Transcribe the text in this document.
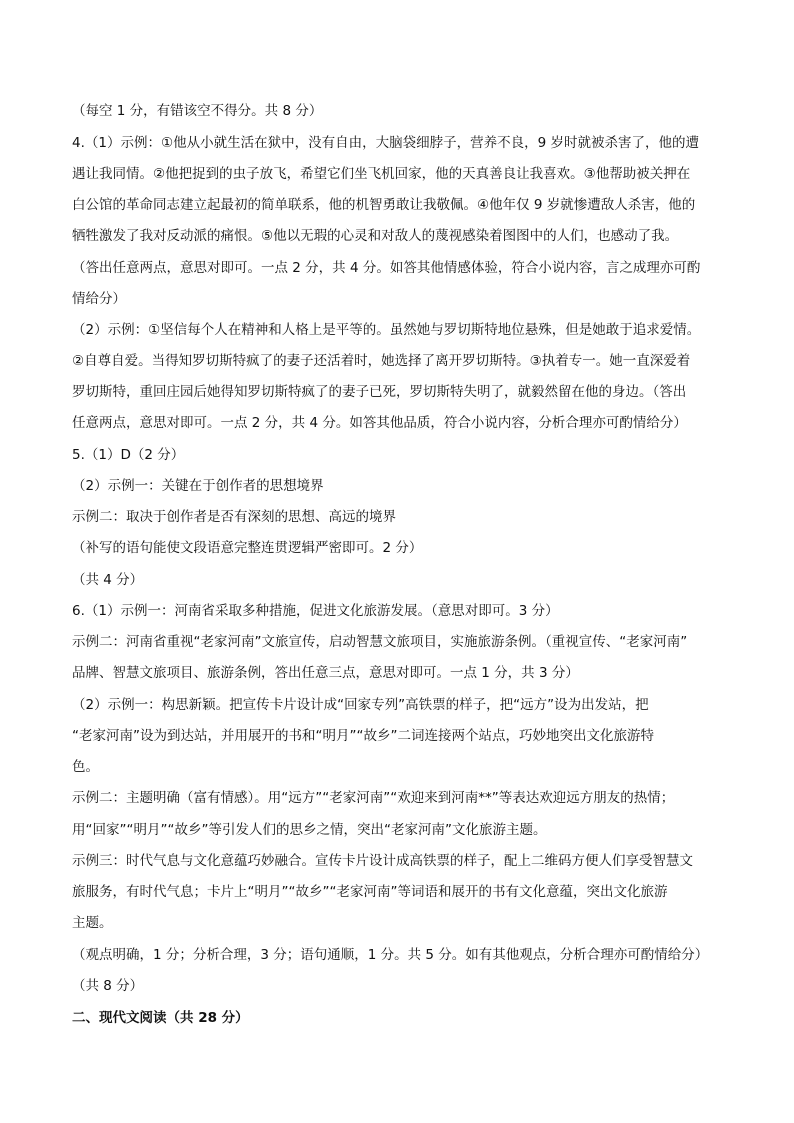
（每空 1 分，有错该空不得分。共 8 分）
4.（1）示例：①他从小就生活在狱中，没有自由，大脑袋细脖子，营养不良，9 岁时就被杀害了，他的遭
遇让我同情。②他把捉到的虫子放飞，希望它们坐飞机回家，他的天真善良让我喜欢。③他帮助被关押在
白公馆的革命同志建立起最初的简单联系，他的机智勇敢让我敬佩。④他年仅 9 岁就惨遭敌人杀害，他的
牺牲激发了我对反动派的痛恨。⑤他以无瑕的心灵和对敌人的蔑视感染着图图中的人们，也感动了我。
（答出任意两点，意思对即可。一点 2 分，共 4 分。如答其他情感体验，符合小说内容，言之成理亦可酌
情给分）
（2）示例：①坚信每个人在精神和人格上是平等的。虽然她与罗切斯特地位悬殊，但是她敢于追求爱情。
②自尊自爱。当得知罗切斯特疯了的妻子还活着时，她选择了离开罗切斯特。③执着专一。她一直深爱着
罗切斯特，重回庄园后她得知罗切斯特疯了的妻子已死，罗切斯特失明了，就毅然留在他的身边。（答出
任意两点，意思对即可。一点 2 分，共 4 分。如答其他品质，符合小说内容，分析合理亦可酌情给分）
5.（1）D（2 分）
（2）示例一：关键在于创作者的思想境界
示例二：取决于创作者是否有深刻的思想、高远的境界
（补写的语句能使文段语意完整连贯逻辑严密即可。2 分）
（共 4 分）
6.（1）示例一：河南省采取多种措施，促进文化旅游发展。（意思对即可。3 分）
示例二：河南省重视“老家河南”文旅宣传，启动智慧文旅项目，实施旅游条例。（重视宣传、“老家河南”
品牌、智慧文旅项目、旅游条例，答出任意三点，意思对即可。一点 1 分，共 3 分）
（2）示例一：构思新颖。把宣传卡片设计成“回家专列”高铁票的样子，把“远方”设为出发站，把
“老家河南”设为到达站，并用展开的书和“明月”“故乡”二词连接两个站点，巧妙地突出文化旅游特
色。
示例二：主题明确（富有情感）。用“远方”“老家河南”“欢迎来到河南**”等表达欢迎远方朋友的热情；
用“回家”“明月”“故乡”等引发人们的思乡之情，突出“老家河南”文化旅游主题。
示例三：时代气息与文化意蕴巧妙融合。宣传卡片设计成高铁票的样子，配上二维码方便人们享受智慧文
旅服务，有时代气息；卡片上“明月”“故乡”“老家河南”等词语和展开的书有文化意蕴，突出文化旅游
主题。
（观点明确，1 分；分析合理，3 分；语句通顺，1 分。共 5 分。如有其他观点，分析合理亦可酌情给分）
（共 8 分）
二、现代文阅读（共 28 分）
